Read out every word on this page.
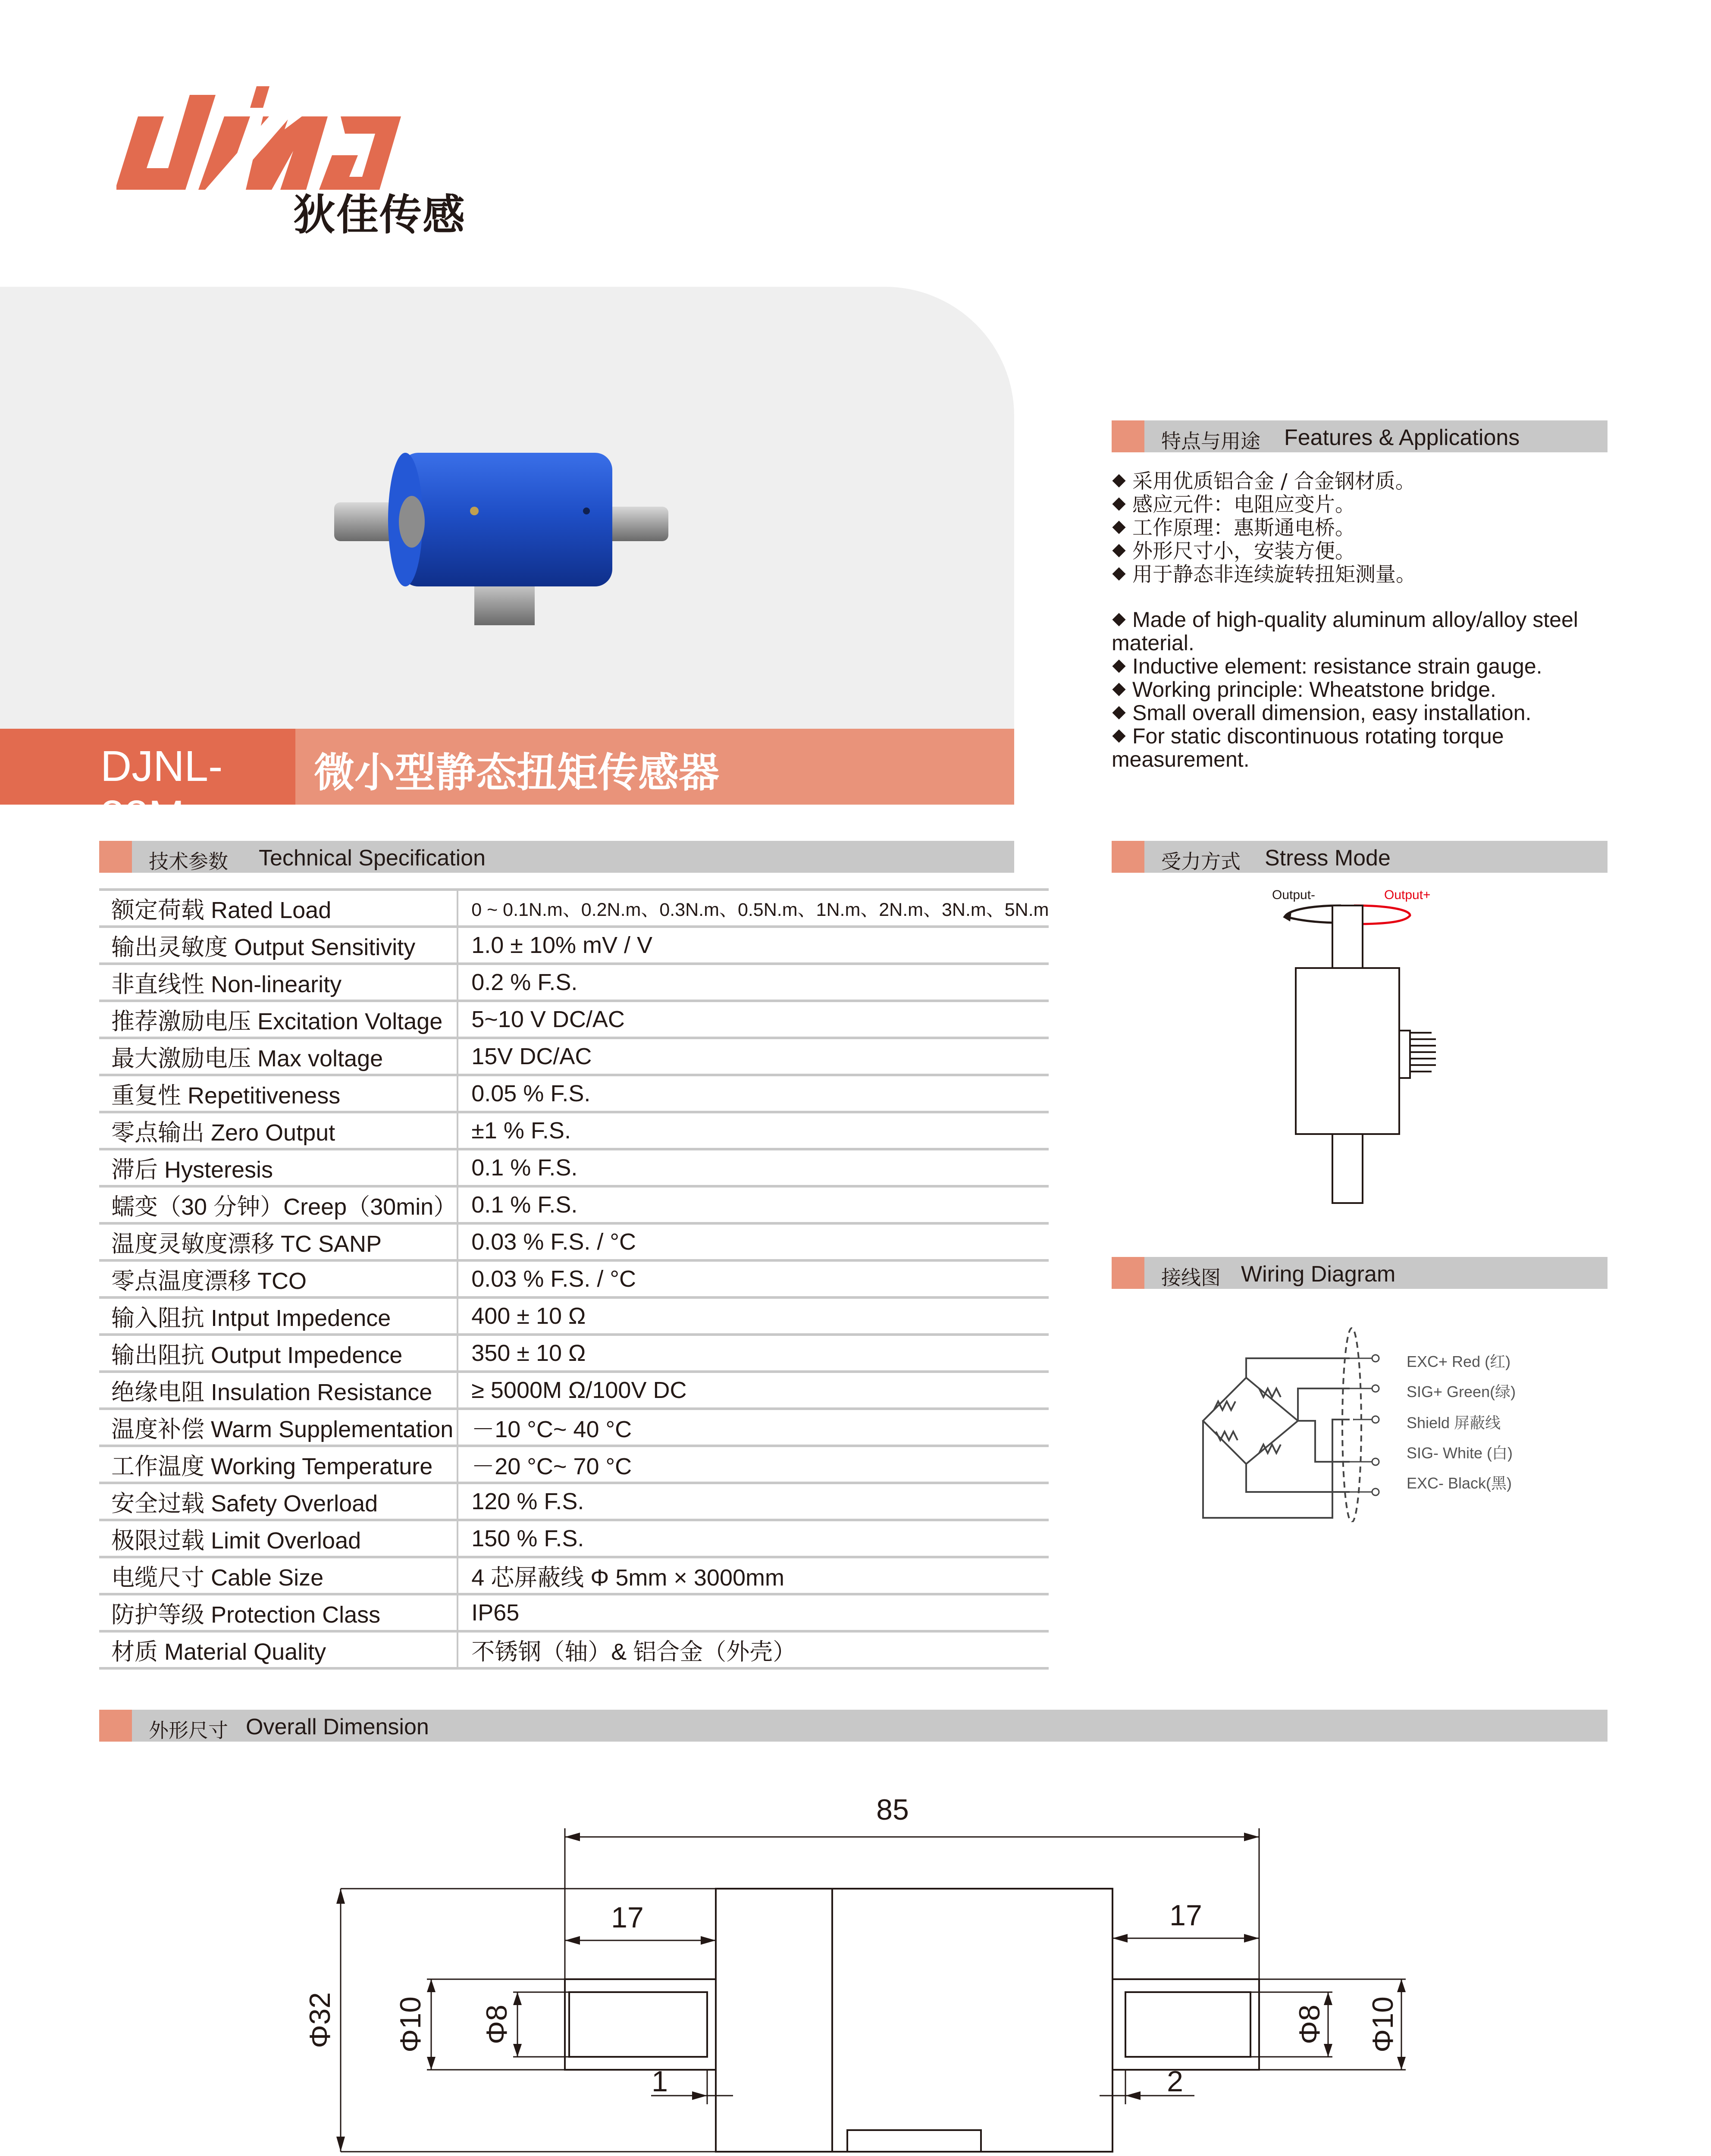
狄佳传感
DJNL-32M
微小型静态扭矩传感器
特点与用途 Features & Applications
采用优质铝合金 / 合金钢材质。
感应元件：电阻应变片。
工作原理：惠斯通电桥。
外形尺寸小，安装方便。
用于静态非连续旋转扭矩测量。
Made of high-quality aluminum alloy/alloy steel material.
Inductive element: resistance strain gauge.
Working principle: Wheatstone bridge.
Small overall dimension, easy installation.
For static discontinuous rotating torque measurement.
技术参数 Technical Specification
额定荷载 Rated Load	0 ~ 0.1N.m、0.2N.m、0.3N.m、0.5N.m、1N.m、2N.m、3N.m、5N.m
输出灵敏度 Output Sensitivity	1.0 ± 10% mV / V
非直线性 Non-linearity	0.2 % F.S.
推荐激励电压 Excitation Voltage	5~10 V DC/AC
最大激励电压 Max voltage	15V DC/AC
重复性 Repetitiveness	0.05 % F.S.
零点输出 Zero Output	±1 % F.S.
滞后 Hysteresis	0.1 % F.S.
蠕变（30 分钟）Creep（30min）	0.1 % F.S.
温度灵敏度漂移 TC SANP	0.03 % F.S. / °C
零点温度漂移 TCO	0.03 % F.S. / °C
输入阻抗 Intput Impedence	400 ± 10 Ω
输出阻抗 Output Impedence	350 ± 10 Ω
绝缘电阻 Insulation Resistance	≥ 5000M Ω/100V DC
温度补偿 Warm Supplementation	－10 °C~ 40 °C
工作温度 Working Temperature	－20 °C~ 70 °C
安全过载 Safety Overload	120 % F.S.
极限过载 Limit Overload	150 % F.S.
电缆尺寸 Cable Size	4 芯屏蔽线 Φ 5mm × 3000mm
防护等级 Protection Class	IP65
材质 Material Quality	不锈钢（轴）& 铝合金（外壳）
受力方式 Stress Mode
Output-	Output+
接线图 Wiring Diagram
EXC+ Red (红)
SIG+ Green(绿)
Shield 屏蔽线
SIG- White (白)
EXC- Black(黑)
外形尺寸 Overall Dimension
85
17	17
1	2
Φ32 Φ10 Φ8	Φ8 Φ10
